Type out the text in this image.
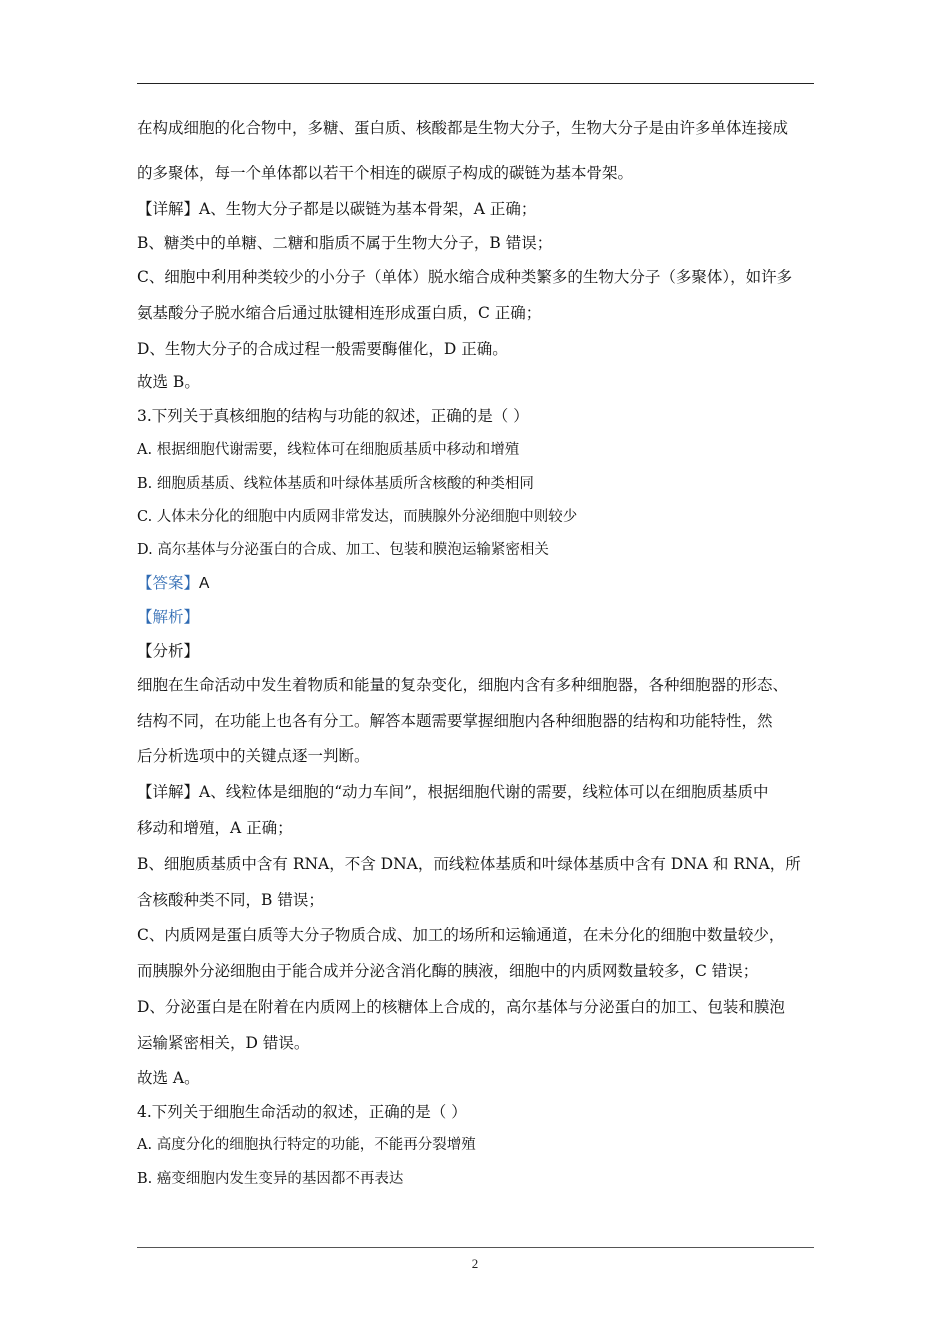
在构成细胞的化合物中，多糖、蛋白质、核酸都是生物大分子，生物大分子是由许多单体连接成
的多聚体，每一个单体都以若干个相连的碳原子构成的碳链为基本骨架。
【详解】A、生物大分子都是以碳链为基本骨架，A 正确；
B、糖类中的单糖、二糖和脂质不属于生物大分子，B 错误；
C、细胞中利用种类较少的小分子（单体）脱水缩合成种类繁多的生物大分子（多聚体），如许多
氨基酸分子脱水缩合后通过肽键相连形成蛋白质，C 正确；
D、生物大分子的合成过程一般需要酶催化，D 正确。
故选 B。
3.下列关于真核细胞的结构与功能的叙述，正确的是（ ）
A. 根据细胞代谢需要，线粒体可在细胞质基质中移动和增殖
B. 细胞质基质、线粒体基质和叶绿体基质所含核酸的种类相同
C. 人体未分化的细胞中内质网非常发达，而胰腺外分泌细胞中则较少
D. 高尔基体与分泌蛋白的合成、加工、包装和膜泡运输紧密相关
【答案】A
【解析】
【分析】
细胞在生命活动中发生着物质和能量的复杂变化，细胞内含有多种细胞器，各种细胞器的形态、
结构不同，在功能上也各有分工。解答本题需要掌握细胞内各种细胞器的结构和功能特性，然
后分析选项中的关键点逐一判断。
【详解】A、线粒体是细胞的“动力车间”，根据细胞代谢的需要，线粒体可以在细胞质基质中
移动和增殖，A 正确；
B、细胞质基质中含有 RNA，不含 DNA，而线粒体基质和叶绿体基质中含有 DNA 和 RNA，所
含核酸种类不同，B 错误；
C、内质网是蛋白质等大分子物质合成、加工的场所和运输通道，在未分化的细胞中数量较少，
而胰腺外分泌细胞由于能合成并分泌含消化酶的胰液，细胞中的内质网数量较多，C 错误；
D、分泌蛋白是在附着在内质网上的核糖体上合成的，高尔基体与分泌蛋白的加工、包装和膜泡
运输紧密相关，D 错误。
故选 A。
4.下列关于细胞生命活动的叙述，正确的是（ ）
A. 高度分化的细胞执行特定的功能，不能再分裂增殖
B. 癌变细胞内发生变异的基因都不再表达
2
